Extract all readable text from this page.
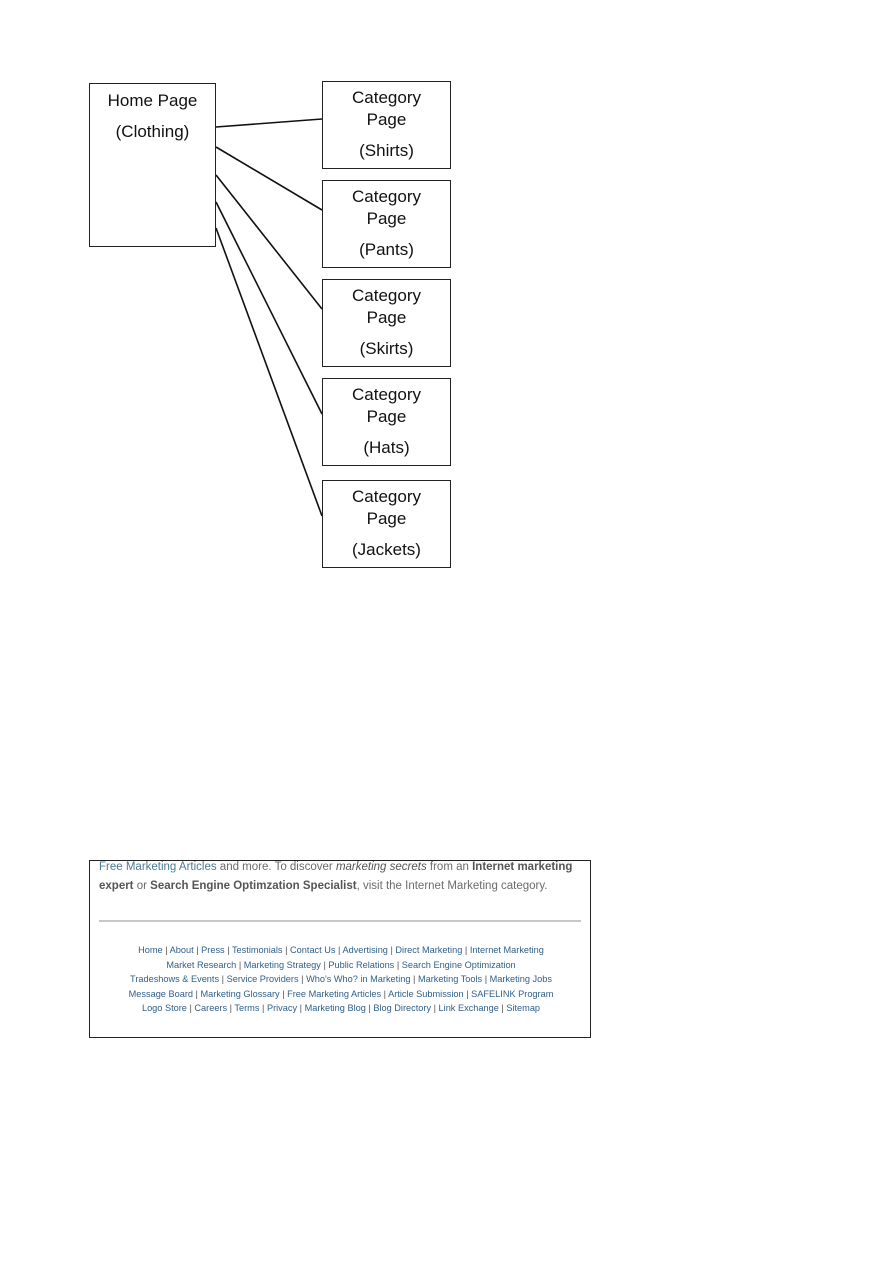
Home Page
(Clothing)
Category
Page
(Shirts)
Category
Page
(Pants)
Category
Page
(Skirts)
Category
Page
(Hats)
Category
Page
(Jackets)
Free Marketing Articles and more. To discover marketing secrets from an Internet marketing expert or Search Engine Optimzation Specialist, visit the Internet Marketing category.
Home | About | Press | Testimonials | Contact Us | Advertising | Direct Marketing | Internet Marketing
Market Research | Marketing Strategy | Public Relations | Search Engine Optimization
Tradeshows & Events | Service Providers | Who's Who? in Marketing | Marketing Tools | Marketing Jobs
Message Board | Marketing Glossary | Free Marketing Articles | Article Submission | SAFELINK Program
Logo Store | Careers | Terms | Privacy | Marketing Blog | Blog Directory | Link Exchange | Sitemap
